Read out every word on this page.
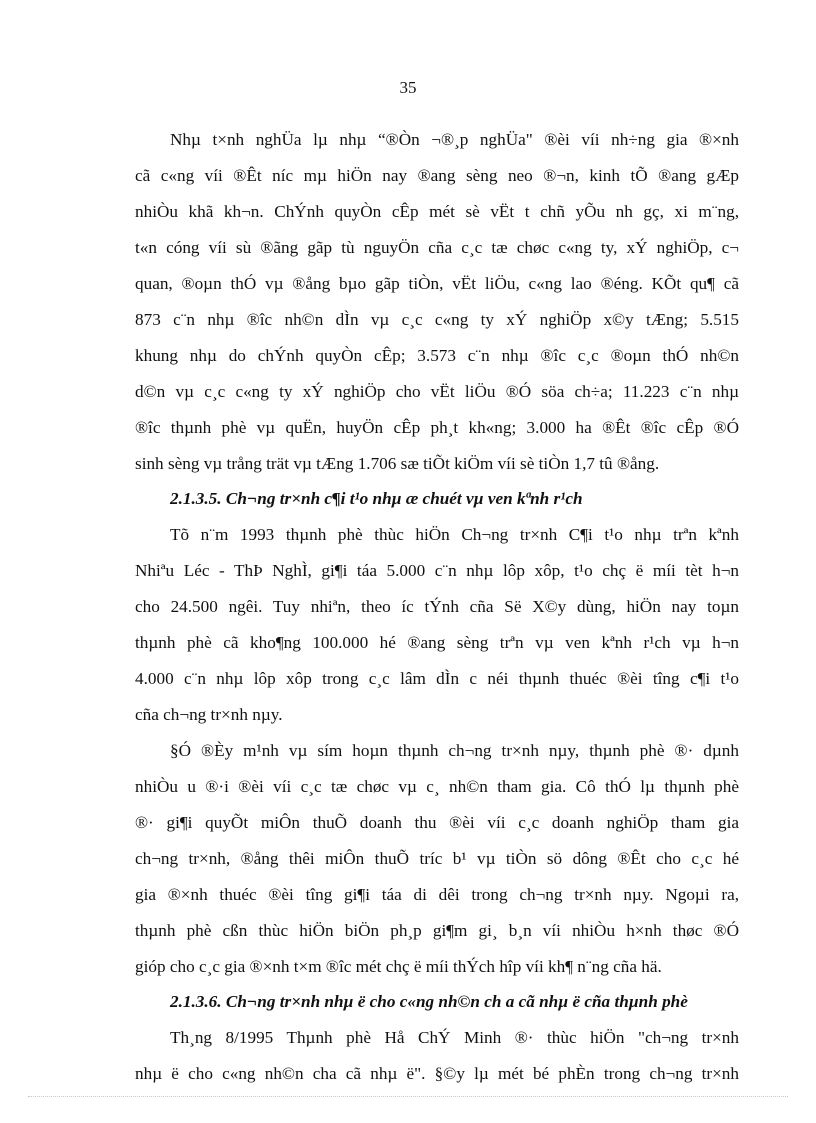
35
Nhµ t×nh nghÜa lµ nhµ “®Òn ¬®¸p nghÜa" ®èi víi nh÷ng gia ®×nh
cã c«ng víi ®Êt níc mµ hiÖn nay ®ang sèng neo ®¬n, kinh tÕ ®ang gÆp
nhiÒu khã kh¬n. ChÝnh quyÒn cÊp mét sè vËt t chñ yÕu nh gç, xi m¨ng,
t«n cóng víi sù ®ãng gãp tù nguyÖn cña c¸c tæ chøc c«ng ty, xÝ nghiÖp, c¬
quan, ®oµn thÓ vµ ®ång bµo gãp tiÒn, vËt liÖu, c«ng lao ®éng. KÕt qu¶ cã
873 c¨n nhµ ®îc nh©n dÌn vµ c¸c c«ng ty xÝ nghiÖp x©y tÆng; 5.515
khung nhµ do chÝnh quyÒn cÊp; 3.573 c¨n nhµ ®îc c¸c ®oµn thÓ nh©n
d©n vµ c¸c c«ng ty xÝ nghiÖp cho vËt liÖu ®Ó söa ch÷a; 11.223 c¨n nhµ
®îc thµnh phè vµ quËn, huyÖn cÊp ph¸t kh«ng; 3.000 ha ®Êt ®îc cÊp ®Ó
sinh sèng vµ trång trät vµ tÆng 1.706 sæ tiÕt kiÖm víi sè tiÒn 1,7 tû ®ång.
2.1.3.5. Ch¬ng tr×nh c¶i t¹o nhµ æ chuét vµ ven kªnh r¹ch
Tõ n¨m 1993 thµnh phè thùc hiÖn Ch¬ng tr×nh C¶i t¹o nhµ trªn kªnh
Nhiªu Léc - ThÞ NghÌ, gi¶i táa 5.000 c¨n nhµ lôp xôp, t¹o chç ë míi tèt h¬n
cho 24.500 ngêi. Tuy nhiªn, theo íc tÝnh cña Së X©y dùng, hiÖn nay toµn
thµnh phè cã kho¶ng 100.000 hé ®ang sèng trªn vµ ven kªnh r¹ch vµ h¬n
4.000 c¨n nhµ lôp xôp trong c¸c lâm dÌn c néi thµnh thuéc ®èi tîng c¶i t¹o
cña ch¬ng tr×nh nµy.
§Ó ®Èy m¹nh vµ sím hoµn thµnh ch¬ng tr×nh nµy, thµnh phè ®· dµnh
nhiÒu u ®·i ®èi víi c¸c tæ chøc vµ c¸ nh©n tham gia. Cô thÓ lµ thµnh phè
®· gi¶i quyÕt miÔn thuÕ doanh thu ®èi víi c¸c doanh nghiÖp tham gia
ch¬ng tr×nh, ®ång thêi miÔn thuÕ tríc b¹ vµ tiÒn sö dông ®Êt cho c¸c hé
gia ®×nh thuéc ®èi tîng gi¶i táa di dêi trong ch¬ng tr×nh nµy. Ngoµi ra,
thµnh phè cßn thùc hiÖn biÖn ph¸p gi¶m gi¸ b¸n víi nhiÒu h×nh thøc ®Ó
gióp cho c¸c gia ®×nh t×m ®îc mét chç ë míi thÝch hîp víi kh¶ n¨ng cña hä.
2.1.3.6. Ch¬ng tr×nh nhµ ë cho c«ng nh©n ch a cã nhµ ë cña thµnh phè
Th¸ng 8/1995 Thµnh phè Hå ChÝ Minh ®· thùc hiÖn "ch¬ng tr×nh
nhµ ë cho c«ng nh©n cha cã nhµ ë". §©y lµ mét bé phÈn trong ch¬ng tr×nh
